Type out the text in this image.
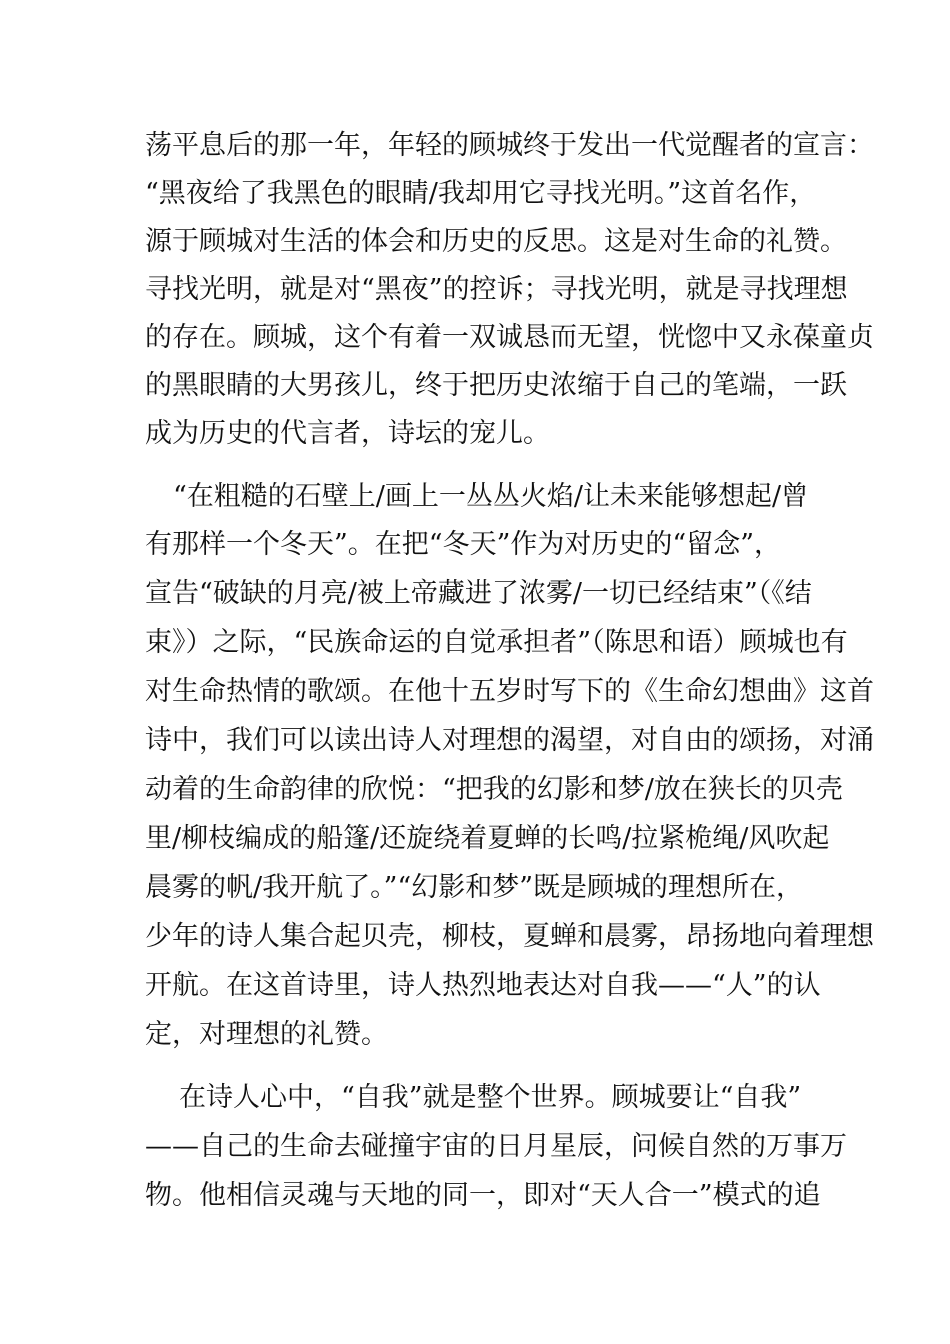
荡平息后的那一年，年轻的顾城终于发出一代觉醒者的宣言：
“黑夜给了我黑色的眼睛/我却用它寻找光明。”这首名作，
源于顾城对生活的体会和历史的反思。这是对生命的礼赞。
寻找光明，就是对“黑夜”的控诉；寻找光明，就是寻找理想
的存在。顾城，这个有着一双诚恳而无望，恍惚中又永葆童贞
的黑眼睛的大男孩儿，终于把历史浓缩于自己的笔端，一跃
成为历史的代言者，诗坛的宠儿。
“在粗糙的石壁上/画上一丛丛火焰/让未来能够想起/曾
有那样一个冬天”。在把“冬天”作为对历史的“留念”，
宣告“破缺的月亮/被上帝藏进了浓雾/一切已经结束”（《结
束》）之际，“民族命运的自觉承担者”（陈思和语）顾城也有
对生命热情的歌颂。在他十五岁时写下的《生命幻想曲》这首
诗中，我们可以读出诗人对理想的渴望，对自由的颂扬，对涌
动着的生命韵律的欣悦：“把我的幻影和梦/放在狭长的贝壳
里/柳枝编成的船篷/还旋绕着夏蝉的长鸣/拉紧桅绳/风吹起
晨雾的帆/我开航了。”“幻影和梦”既是顾城的理想所在，
少年的诗人集合起贝壳，柳枝，夏蝉和晨雾，昂扬地向着理想
开航。在这首诗里，诗人热烈地表达对自我——“人”的认
定，对理想的礼赞。
在诗人心中，“自我”就是整个世界。顾城要让“自我”
——自己的生命去碰撞宇宙的日月星辰，问候自然的万事万
物。他相信灵魂与天地的同一，即对“天人合一”模式的追
